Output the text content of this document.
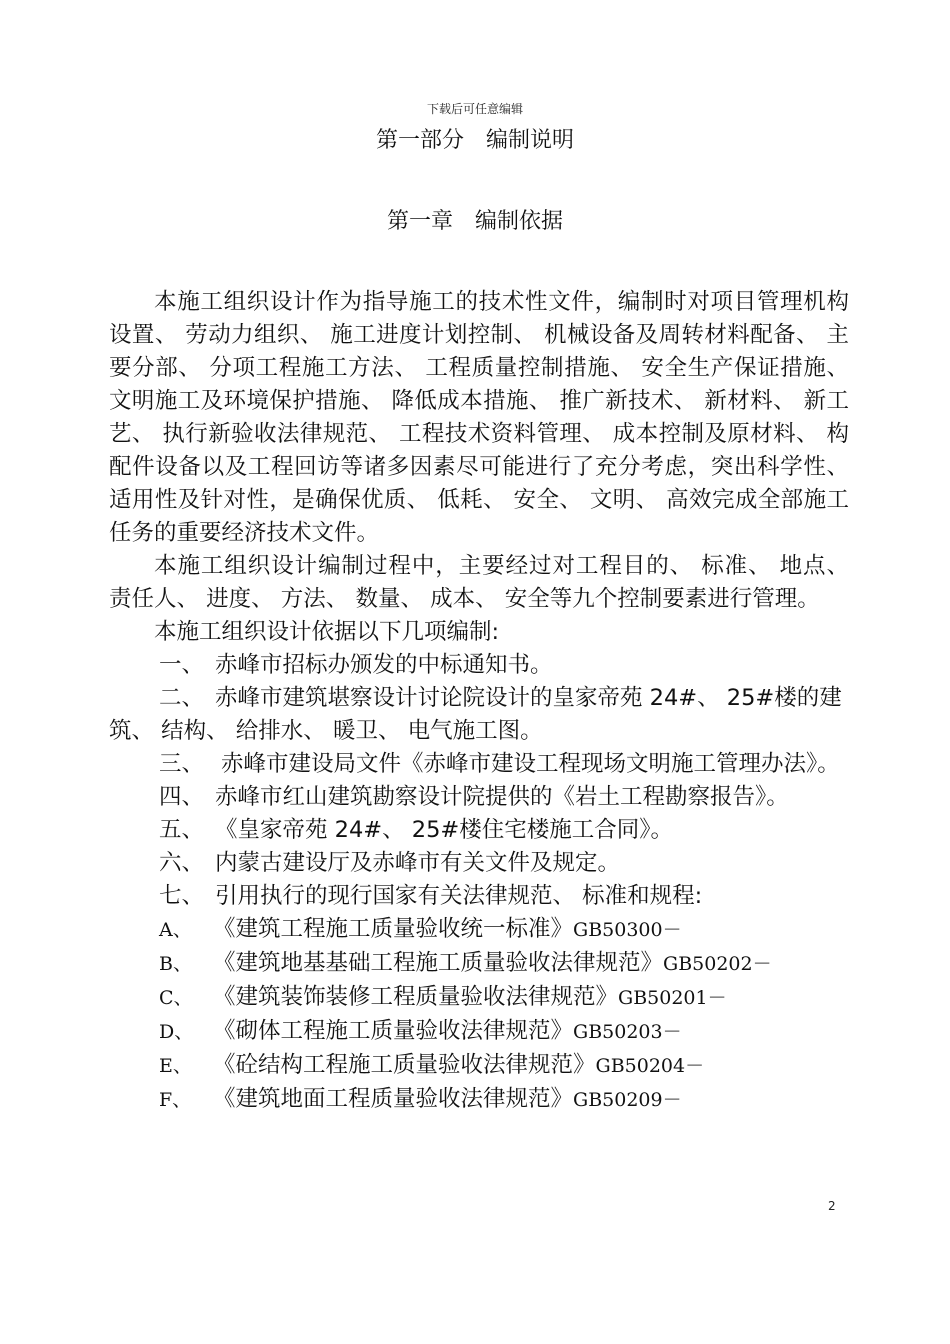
下载后可任意编辑
第一部分　编制说明
第一章　编制依据

本施工组织设计作为指导施工的技术性文件，编制时对项目管理机构设置、 劳动力组织、 施工进度计划控制、 机械设备及周转材料配备、 主要分部、 分项工程施工方法、 工程质量控制措施、 安全生产保证措施、 文明施工及环境保护措施、 降低成本措施、 推广新技术、 新材料、 新工艺、 执行新验收法律规范、 工程技术资料管理、 成本控制及原材料、 构配件设备以及工程回访等诸多因素尽可能进行了充分考虑，突出科学性、 适用性及针对性，是确保优质、 低耗、 安全、 文明、 高效完成全部施工任务的重要经济技术文件。

本施工组织设计编制过程中，主要经过对工程目的、 标准、 地点、 责任人、 进度、 方法、 数量、 成本、 安全等九个控制要素进行管理。

本施工组织设计依据以下几项编制:

一、 赤峰市招标办颁发的中标通知书。

二、 赤峰市建筑堪察设计讨论院设计的皇家帝苑 24#、 25#楼的建筑、 结构、 给排水、 暖卫、 电气施工图。

三、 赤峰市建设局文件《赤峰市建设工程现场文明施工管理办法》。

四、 赤峰市红山建筑勘察设计院提供的《岩土工程勘察报告》。

五、 《皇家帝苑 24#、 25#楼住宅楼施工合同》。

六、 内蒙古建设厅及赤峰市有关文件及规定。

七、 引用执行的现行国家有关法律规范、 标准和规程:

A、 《建筑工程施工质量验收统一标准》GB50300－

B、 《建筑地基基础工程施工质量验收法律规范》GB50202－

C、 《建筑装饰装修工程质量验收法律规范》GB50201－

D、 《砌体工程施工质量验收法律规范》GB50203－

E、 《砼结构工程施工质量验收法律规范》GB50204－

F、 《建筑地面工程质量验收法律规范》GB50209－

2
